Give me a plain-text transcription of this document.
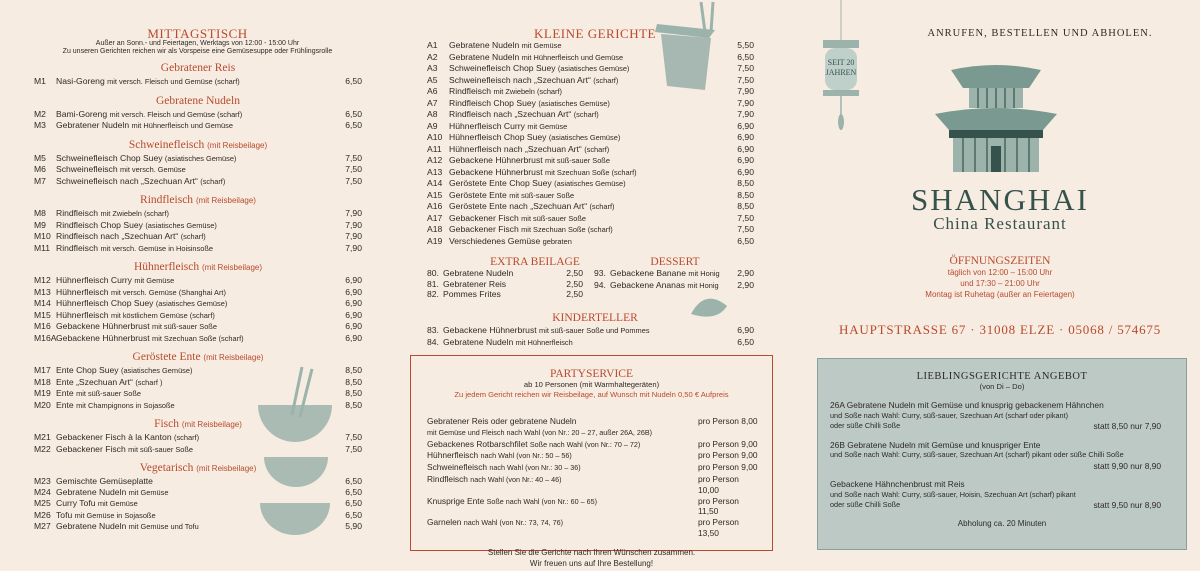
MITTAGSTISCH
Außer an Sonn.- und Feiertagen, Werktags von 12:00 - 15:00 Uhr
Zu unseren Gerichten reichen wir als Vorspeise eine Gemüsesuppe oder Frühlingsrolle
Gebratener Reis
M1	Nasi-Goreng mit versch. Fleisch und Gemüse (scharf)	6,50
Gebratene Nudeln
M2	Bami-Goreng mit versch. Fleisch und Gemüse (scharf)	6,50
M3	Gebratener Nudeln mit Hühnerfleisch und Gemüse	6,50
Schweinefleisch (mit Reisbeilage)
M5	Schweinefleisch Chop Suey (asiatisches Gemüse)	7,50
M6	Schweinefleisch mit versch. Gemüse	7,50
M7	Schweinefleisch nach „Szechuan Art“ (scharf)	7,50
Rindfleisch (mit Reisbeilage)
M8	Rindfleisch mit Zwiebeln (scharf)	7,90
M9	Rindfleisch Chop Suey (asiatisches Gemüse)	7,90
M10 Rindfleisch nach „Szechuan Art“ (scharf)	7,90
M11 Rindfleisch mit versch. Gemüse in Hoisinsoße	7,90
Hühnerfleisch (mit Reisbeilage)
M12 Hühnerfleisch Curry mit Gemüse	6,90
M13 Hühnerfleisch mit versch. Gemüse (Shanghai Art)	6,90
M14 Hühnerfleisch Chop Suey (asiatisches Gemüse)	6,90
M15 Hühnerfleisch mit köstlichem Gemüse (scharf)	6,90
M16 Gebackene Hühnerbrust mit süß-sauer Soße	6,90
M16A Gebackene Hühnerbrust mit Szechuan Soße (scharf)	6,90
Geröstete Ente (mit Reisbeilage)
M17 Ente Chop Suey (asiatisches Gemüse)	8,50
M18 Ente „Szechuan Art“ (scharf )	8,50
M19 Ente mit süß-sauer Soße	8,50
M20 Ente mit Champignons in Sojasoße	8,50
Fisch (mit Reisbeilage)
M21 Gebackener Fisch à la Kanton (scharf)	7,50
M22 Gebackener Fisch mit süß-sauer Soße	7,50
Vegetarisch (mit Reisbeilage)
M23 Gemischte Gemüseplatte	6,50
M24 Gebratene Nudeln mit Gemüse	6,50
M25 Curry Tofu mit Gemüse	6,50
M26 Tofu mit Gemüse in Sojasoße	6,50
M27 Gebratene Nudeln mit Gemüse und Tofu	5,90
KLEINE GERICHTE
A1	Gebratene Nudeln mit Gemüse	5,50
A2	Gebratene Nudeln mit Hühnerfleisch und Gemüse	6,50
A3	Schweinefleisch Chop Suey (asiatisches Gemüse)	7,50
A5	Schweinefleisch nach „Szechuan Art“ (scharf)	7,50
A6	Rindfleisch mit Zwiebeln (scharf)	7,90
A7	Rindfleisch Chop Suey (asiatisches Gemüse)	7,90
A8	Rindfleisch nach „Szechuan Art“ (scharf)	7,90
A9	Hühnerfleisch Curry mit Gemüse	6,90
A10 Hühnerfleisch Chop Suey (asiatisches Gemüse)	6,90
A11 Hühnerfleisch nach „Szechuan Art“ (scharf)	6,90
A12 Gebackene Hühnerbrust mit süß-sauer Soße	6,90
A13 Gebackene Hühnerbrust mit Szechuan Soße (scharf)	6,90
A14 Geröstete Ente Chop Suey (asiatisches Gemüse)	8,50
A15 Geröstete Ente mit süß-sauer Soße	8,50
A16 Geröstete Ente nach „Szechuan Art“ (scharf)	8,50
A17 Gebackener Fisch mit süß-sauer Soße	7,50
A18 Gebackener Fisch mit Szechuan Soße (scharf)	7,50
A19 Verschiedenes Gemüse gebraten	6,50
EXTRA BEILAGE
80. Gebratene Nudeln	2,50
81. Gebratener Reis	2,50
82. Pommes Frites	2,50
DESSERT
93. Gebackene Banane mit Honig	2,90
94. Gebackene Ananas mit Honig	2,90
KINDERTELLER
83. Gebackene Hühnerbrust mit süß-sauer Soße und Pommes	6,90
84. Gebratene Nudeln mit Hühnerfleisch	6,50
PARTYSERVICE
ab 10 Personen (mit Warmhaltegeräten)
Zu jedem Gericht reichen wir Reisbeilage, auf Wunsch mit Nudeln 0,50 € Aufpreis
Gebratener Reis oder gebratene Nudeln	pro Person 8,00
mit Gemüse und Fleisch nach Wahl (von Nr.: 20 – 27, außer 26A, 26B)
Gebackenes Rotbarschfilet Soße nach Wahl (von Nr.: 70 – 72)	pro Person 9,00
Hühnerfleisch nach Wahl (von Nr.: 50 – 56)	pro Person 9,00
Schweinefleisch nach Wahl (von Nr.: 30 – 36)	pro Person 9,00
Rindfleisch nach Wahl (von Nr.: 40 – 46)	pro Person 10,00
Knusprige Ente Soße nach Wahl (von Nr.: 60 – 65)	pro Person 11,50
Garnelen nach Wahl (von Nr.: 73, 74, 76)	pro Person 13,50
Stellen Sie die Gerichte nach Ihren Wünschen zusammen.
Wir freuen uns auf Ihre Bestellung!
ANRUFEN, BESTELLEN UND ABHOLEN.
SEIT 20
JAHREN
SHANGHAI
China Restaurant
ÖFFNUNGSZEITEN
täglich von 12:00 – 15:00 Uhr
und 17:30 – 21:00 Uhr
Montag ist Ruhetag (außer an Feiertagen)
HAUPTSTRASSE 67 · 31008 ELZE · 05068 / 574675
LIEBLINGSGERICHTE ANGEBOT
(von Di – Do)
26A Gebratene Nudeln mit Gemüse und knusprig gebackenem Hähnchen
und Soße nach Wahl: Curry, süß-sauer, Szechuan Art (scharf oder pikant)
oder süße Chilli Soße	statt 8,50 nur 7,90
26B Gebratene Nudeln mit Gemüse und knuspriger Ente
und Soße nach Wahl: Curry, süß-sauer, Szechuan Art (scharf) pikant oder süße Chilli Soße
statt 9,90 nur 8,90
Gebackene Hähnchenbrust mit Reis
und Soße nach Wahl: Curry, süß-sauer, Hoisin, Szechuan Art (scharf) pikant
oder süße Chilli Soße	statt 9,50 nur 8,90
Abholung ca. 20 Minuten
